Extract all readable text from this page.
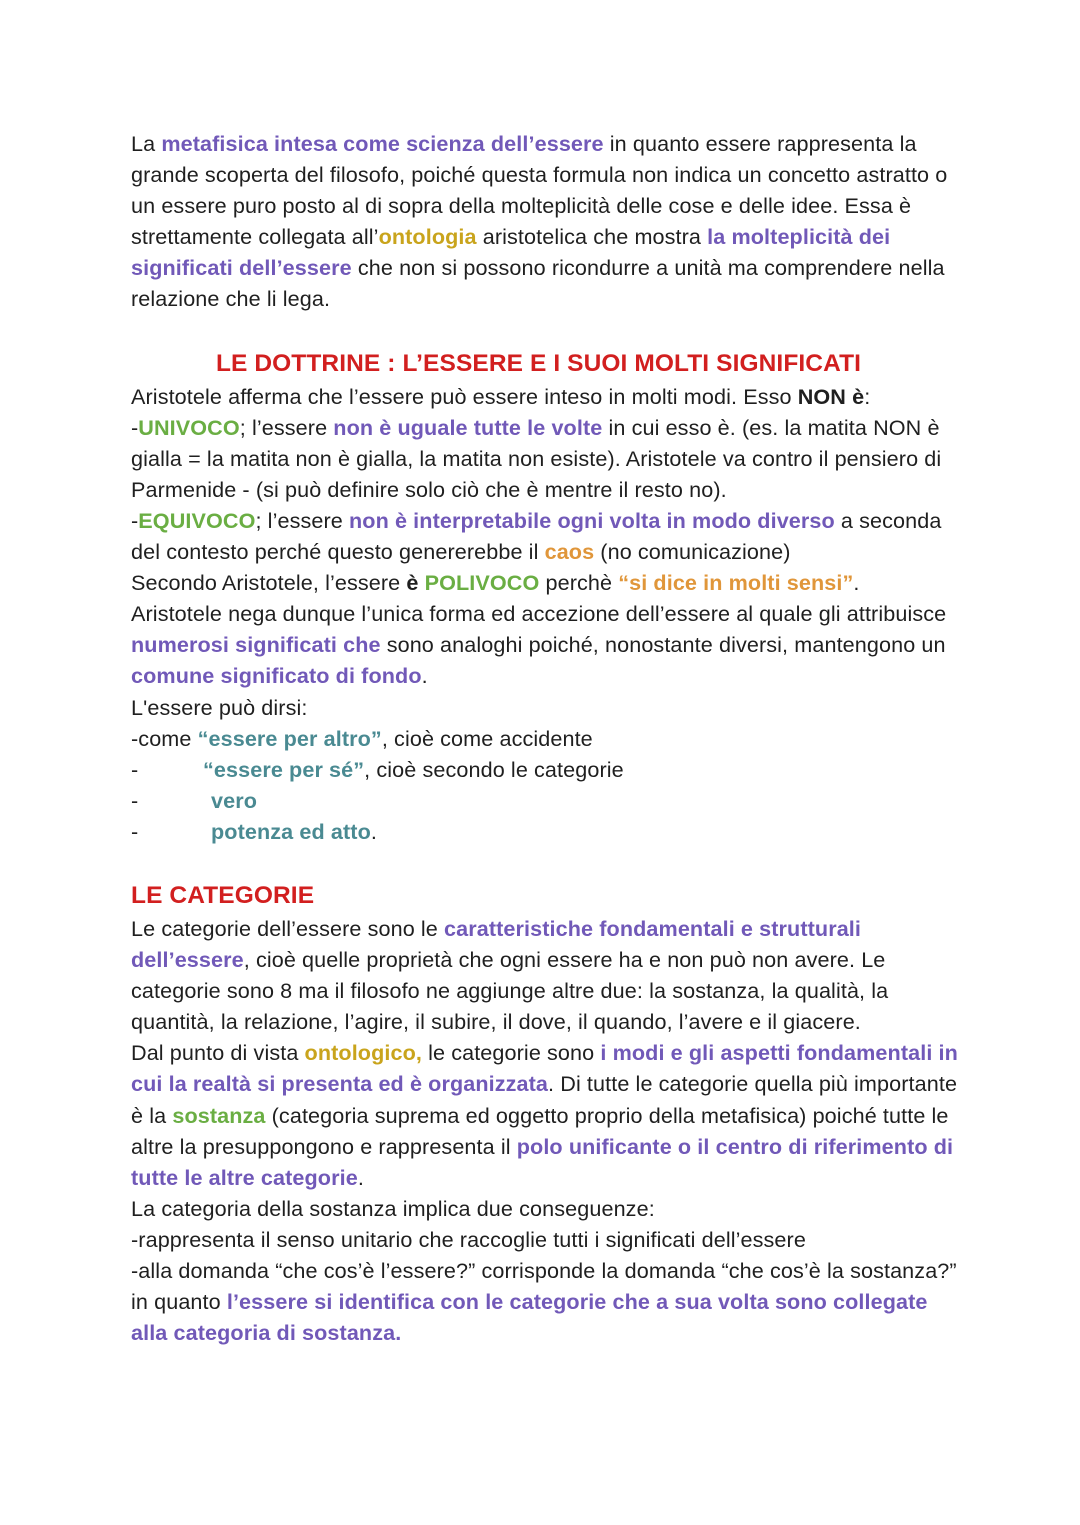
La metafisica intesa come scienza dell’essere in quanto essere rappresenta la grande scoperta del filosofo, poiché questa formula non indica un concetto astratto o un essere puro posto al di sopra della molteplicità delle cose e delle idee. Essa è strettamente collegata all’ontologia aristotelica che mostra la molteplicità dei significati dell’essere che non si possono ricondurre a unità ma comprendere nella relazione che li lega.

LE DOTTRINE : L’ESSERE E I SUOI MOLTI SIGNIFICATI

Aristotele afferma che l’essere può essere inteso in molti modi. Esso NON è:

-UNIVOCO; l’essere non è uguale tutte le volte in cui esso è. (es. la matita NON è gialla = la matita non è gialla, la matita non esiste). Aristotele va contro il pensiero di Parmenide - (si può definire solo ciò che è mentre il resto no).

-EQUIVOCO; l’essere non è interpretabile ogni volta in modo diverso a seconda del contesto perché questo genererebbe il caos (no comunicazione)

Secondo Aristotele, l’essere è POLIVOCO perchè “si dice in molti sensi”.

Aristotele nega dunque l’unica forma ed accezione dell’essere al quale gli attribuisce numerosi significati che sono analoghi poiché, nonostante diversi, mantengono un comune significato di fondo.

L'essere può dirsi:

-come “essere per altro”, cioè come accidente

-	“essere per sé”, cioè secondo le categorie

-	vero

-	potenza ed atto.

LE CATEGORIE

Le categorie dell’essere sono le caratteristiche fondamentali e strutturali dell’essere, cioè quelle proprietà che ogni essere ha e non può non avere. Le categorie sono 8 ma il filosofo ne aggiunge altre due: la sostanza, la qualità, la quantità, la relazione, l’agire, il subire, il dove, il quando, l’avere e il giacere.

Dal punto di vista ontologico, le categorie sono i modi e gli aspetti fondamentali in cui la realtà si presenta ed è organizzata. Di tutte le categorie quella più importante è la sostanza (categoria suprema ed oggetto proprio della metafisica) poiché tutte le altre la presuppongono e rappresenta il polo unificante o il centro di riferimento di tutte le altre categorie.

La categoria della sostanza implica due conseguenze:

-rappresenta il senso unitario che raccoglie tutti i significati dell’essere

-alla domanda “che cos’è l’essere?” corrisponde la domanda “che cos’è la sostanza?” in quanto l’essere si identifica con le categorie che a sua volta sono collegate alla categoria di sostanza.
